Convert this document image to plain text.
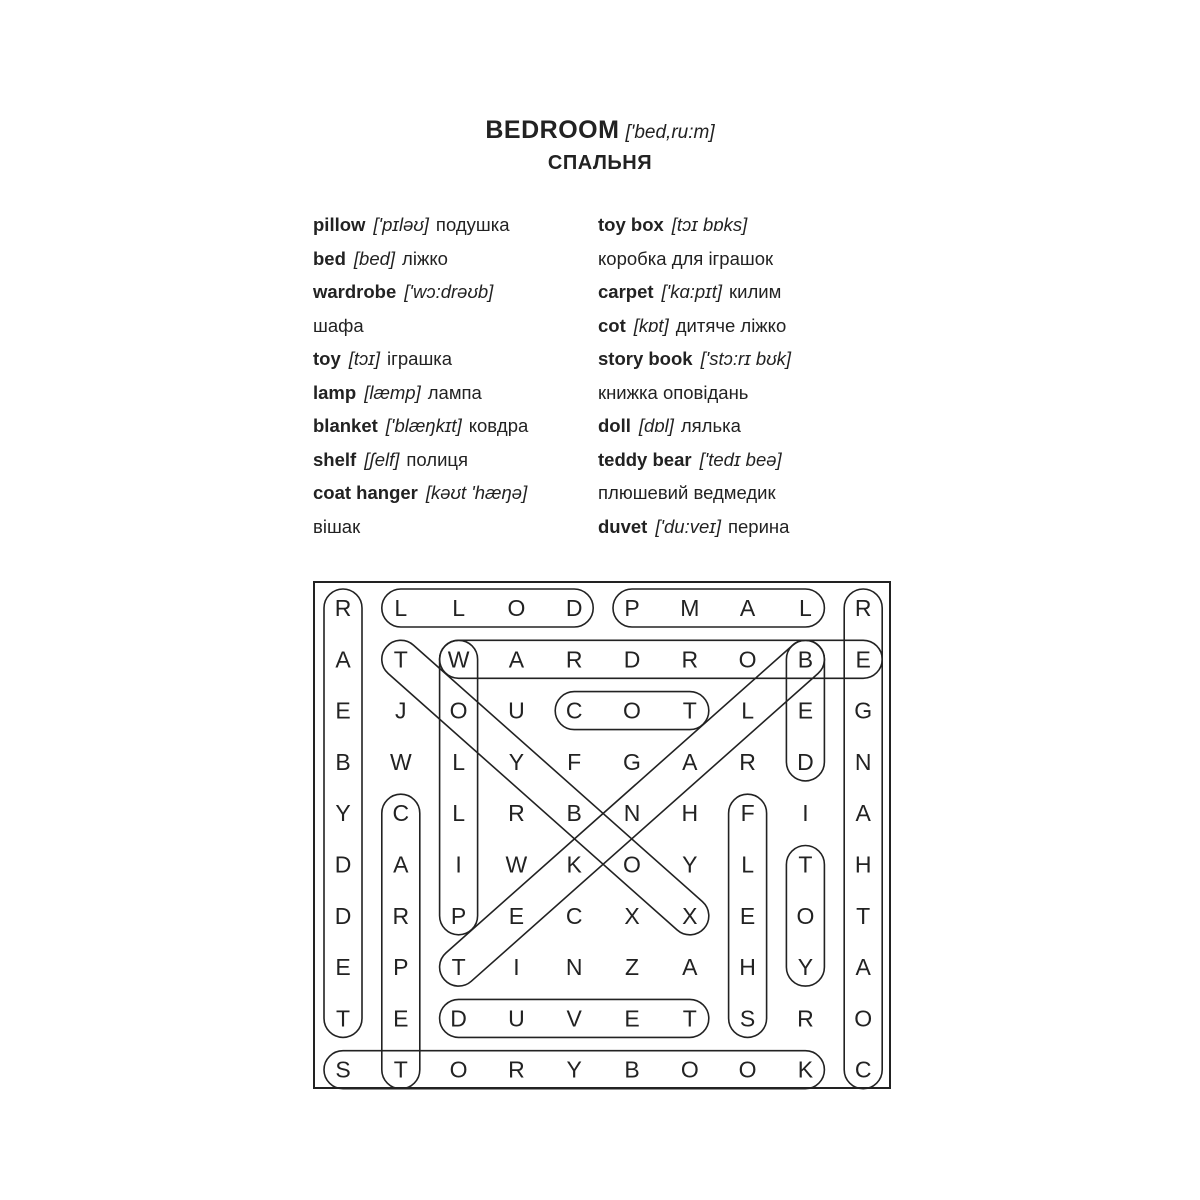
BEDROOM ['bed,ru:m]
СПАЛЬНЯ
pillow ['pɪləʊ] подушка
bed [bed] ліжко
wardrobe ['wɔ:drəʊb]
шафа
toy [tɔɪ] іграшка
lamp [læmp] лампа
blanket ['blæŋkɪt] ковдра
shelf [ʃelf] полиця
coat hanger [kəʊt 'hæŋə]
вішак
toy box [tɔɪ bɒks]
коробка для іграшок
carpet ['kɑ:pɪt] килим
cot [kɒt] дитяче ліжко
story book ['stɔ:rɪ bʊk]
книжка оповідань
doll [dɒl] лялька
teddy bear ['tedɪ beə]
плюшевий ведмедик
duvet ['du:veɪ] перина
R L L O D P M A L R
A T W A R D R O B E
E J O U C O T L E G
B W L Y F G A R D N
Y C L R B N H F I A
D A I W K O Y L T H
D R P E C X X E O T
E P T I N Z A H Y A
T E D U V E T S R O
S T O R Y B O O K C
